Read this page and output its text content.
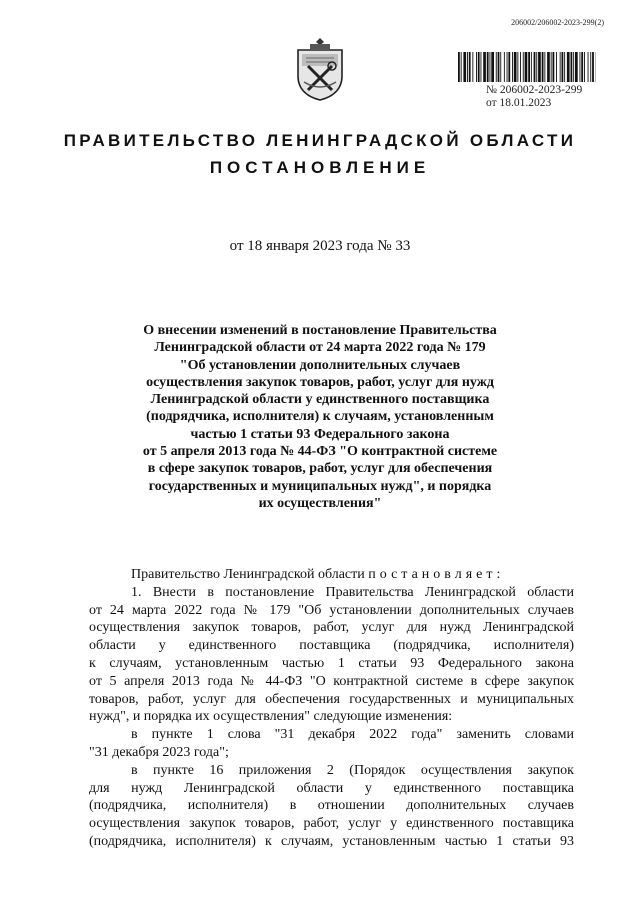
206002/206002-2023-299(2)
№ 206002-2023-299
от 18.01.2023
ПРАВИТЕЛЬСТВО ЛЕНИНГРАДСКОЙ ОБЛАСТИ
ПОСТАНОВЛЕНИЕ
от 18 января 2023 года № 33
О внесении изменений в постановление Правительства
Ленинградской области от 24 марта 2022 года № 179
"Об установлении дополнительных случаев
осуществления закупок товаров, работ, услуг для нужд
Ленинградской области у единственного поставщика
(подрядчика, исполнителя) к случаям, установленным
частью 1 статьи 93 Федерального закона
от 5 апреля 2013 года № 44-ФЗ "О контрактной системе
в сфере закупок товаров, работ, услуг для обеспечения
государственных и муниципальных нужд", и порядка
их осуществления"
Правительство Ленинградской области постановляет:
1. Внести в постановление Правительства Ленинградской области
от 24 марта 2022 года № 179 "Об установлении дополнительных случаев
осуществления закупок товаров, работ, услуг для нужд Ленинградской
области у единственного поставщика (подрядчика, исполнителя)
к случаям, установленным частью 1 статьи 93 Федерального закона
от 5 апреля 2013 года № 44-ФЗ "О контрактной системе в сфере закупок
товаров, работ, услуг для обеспечения государственных и муниципальных
нужд", и порядка их осуществления" следующие изменения:
в пункте 1 слова "31 декабря 2022 года" заменить словами
"31 декабря 2023 года";
в пункте 16 приложения 2 (Порядок осуществления закупок
для нужд Ленинградской области у единственного поставщика
(подрядчика, исполнителя) в отношении дополнительных случаев
осуществления закупок товаров, работ, услуг у единственного поставщика
(подрядчика, исполнителя) к случаям, установленным частью 1 статьи 93
